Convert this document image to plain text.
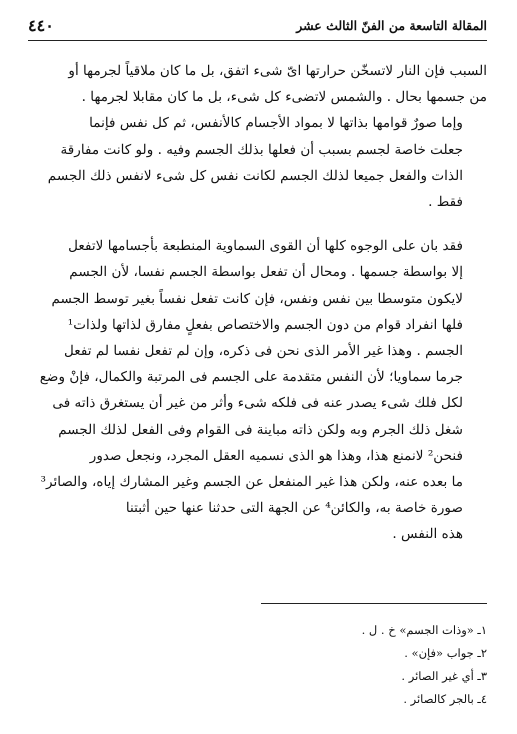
المقالة التاسعة من الفنّ الثالث عشر
٤٤٠

السبب فإن النار لاتسخّن حرارتها ایّ شیء اتفق، بل ما کان ملاقیاً لجرمها أو
من جسمها بحال . والشمس لاتضیء کل شیء، بل ما کان مقابلا لجرمها .

وإما صورٌ قوامها بذاتها لا بمواد الأجسام کالأنفس، ثم کل نفس فإنما
جعلت خاصة لجسم بسبب أن فعلها بذلك الجسم وفیه . ولو کانت مفارقة
الذات والفعل جمیعا لذلك الجسم لکانت نفس کل شیء لانفس ذلك الجسم
فقط .

فقد بان علی الوجوه کلها أن القوی السماویة المنطبعة بأجسامها لاتفعل
إلا بواسطة جسمها . ومحال أن تفعل بواسطة الجسم نفسا، لأن الجسم
لایکون متوسطا بین نفس ونفس، فإن کانت تفعل نفساً بغیر توسط الجسم
فلها انفراد قوام من دون الجسم والاختصاص بفعلٍ مفارق لذاتها ولذات¹
الجسم . وهذا غیر الأمر الذی نحن فی ذکره، وإن لم تفعل نفسا لم تفعل
جرما سماویا؛ لأن النفس متقدمة علی الجسم فی المرتبة والکمال، فإنْ وضع
لکل فلك شیء یصدر عنه فی فلکه شیء وأثر من غیر أن یستغرق ذاته فی
شغل ذلك الجرم وبه ولکن ذاته مباینة فی القوام وفی الفعل لذلك الجسم
فنحن² لانمنع هذا، وهذا هو الذی نسمیه العقل المجرد، ونجعل صدور
ما بعده عنه، ولکن هذا غیر المنفعل عن الجسم وغیر المشارك إیاه، والصائر³
صورة خاصة به، والکائن⁴ عن الجهة التی حدثنا عنها حین أثبتنا
هذه النفس .

١ـ «وذات الجسم» خ . ل .
٢ـ جواب «فإن» .
٣ـ أي غير الصائر .
٤ـ بالجر کالصائر .
